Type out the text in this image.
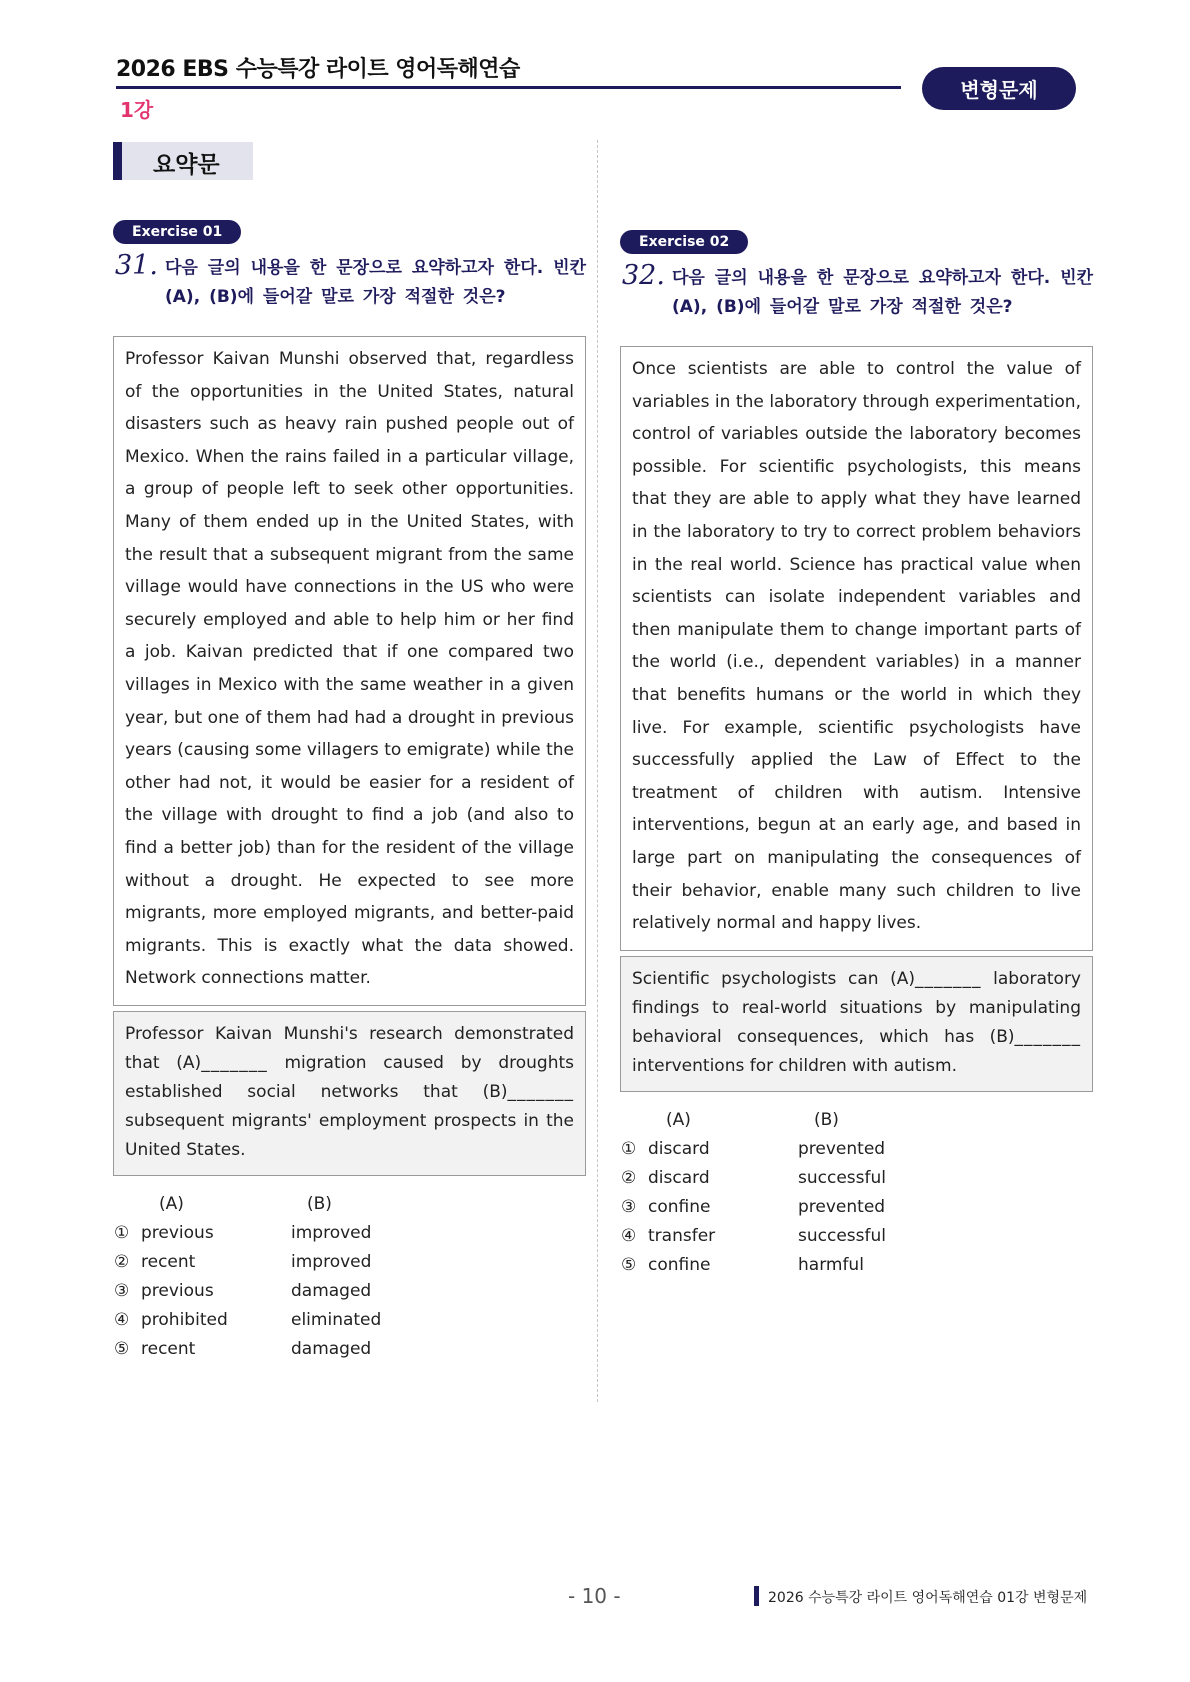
2026 EBS 수능특강 라이트 영어독해연습
1강
변형문제
요약문
Exercise 01
31. 다음 글의 내용을 한 문장으로 요약하고자 한다. 빈칸 (A), (B)에 들어갈 말로 가장 적절한 것은?
Professor Kaivan Munshi observed that, regardless of the opportunities in the United States, natural disasters such as heavy rain pushed people out of Mexico. When the rains failed in a particular village, a group of people left to seek other opportunities. Many of them ended up in the United States, with the result that a subsequent migrant from the same village would have connections in the US who were securely employed and able to help him or her find a job. Kaivan predicted that if one compared two villages in Mexico with the same weather in a given year, but one of them had had a drought in previous years (causing some villagers to emigrate) while the other had not, it would be easier for a resident of the village with drought to find a job (and also to find a better job) than for the resident of the village without a drought. He expected to see more migrants, more employed migrants, and better-paid migrants. This is exactly what the data showed. Network connections matter.
Professor Kaivan Munshi's research demonstrated that (A)_______ migration caused by droughts established social networks that (B)_______ subsequent migrants' employment prospects in the United States.
	(A)	(B)
①	previous	improved
②	recent	improved
③	previous	damaged
④	prohibited	eliminated
⑤	recent	damaged
Exercise 02
32. 다음 글의 내용을 한 문장으로 요약하고자 한다. 빈칸 (A), (B)에 들어갈 말로 가장 적절한 것은?
Once scientists are able to control the value of variables in the laboratory through experimentation, control of variables outside the laboratory becomes possible. For scientific psychologists, this means that they are able to apply what they have learned in the laboratory to try to correct problem behaviors in the real world. Science has practical value when scientists can isolate independent variables and then manipulate them to change important parts of the world (i.e., dependent variables) in a manner that benefits humans or the world in which they live. For example, scientific psychologists have successfully applied the Law of Effect to the treatment of children with autism. Intensive interventions, begun at an early age, and based in large part on manipulating the consequences of their behavior, enable many such children to live relatively normal and happy lives.
Scientific psychologists can (A)_______ laboratory findings to real-world situations by manipulating behavioral consequences, which has (B)_______ interventions for children with autism.
	(A)	(B)
①	discard	prevented
②	discard	successful
③	confine	prevented
④	transfer	successful
⑤	confine	harmful
- 10 -	2026 수능특강 라이트 영어독해연습 01강 변형문제
